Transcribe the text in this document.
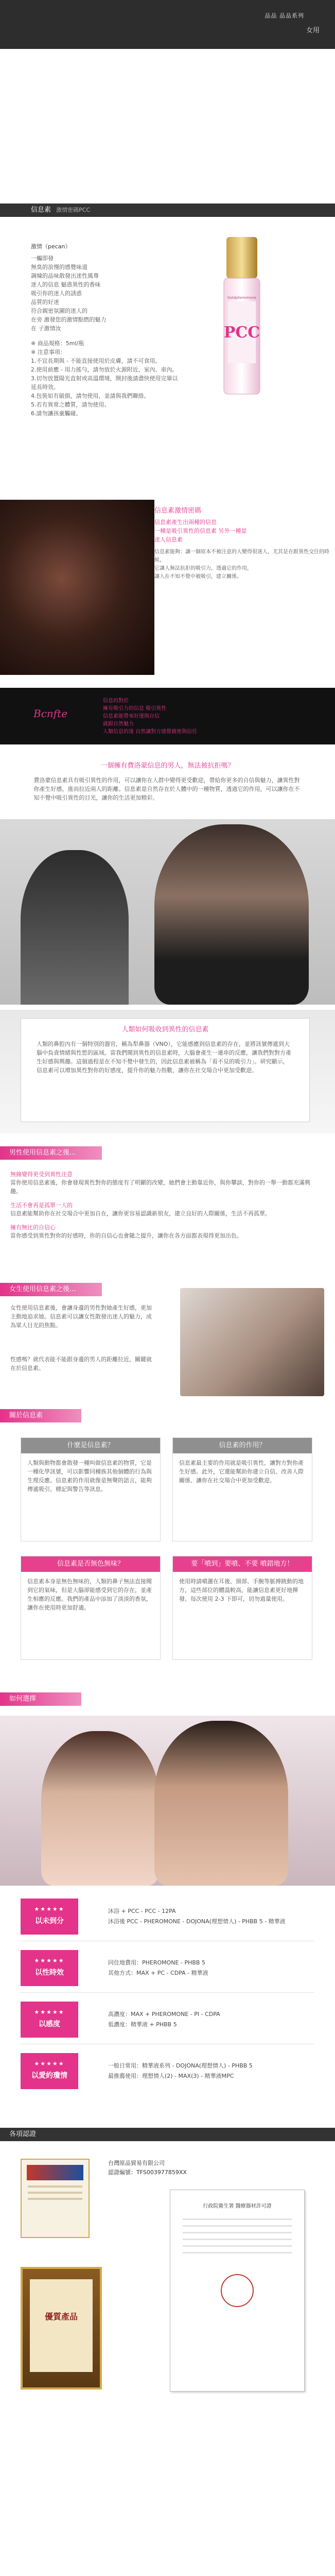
品品 品品系列
女用
信息素 激情密碼PCC
激情（pecan）
一觸即發
無臭的浪慢的感覺味道
調煉的品味散發出迷性風尊
迷人的信息 魅惑異性的香味
吸引你的迷人的誘惑
品質的好迷
符合親密氛圍的迷人的
在旁 激發您的激情點燃的魅力
在 子激情汝
※ 商品規格：5ml/瓶
※ 注意事項：
1.不宜長期與 - 不能直接使用於皮膚，請不可食用。
2.使用前應 - 用力搖勻，請勿放於火源附近、室內、車內。
3.切勿放置陽光直射或高溫環境，開封後請盡快使用完畢以延長時效。
4.包裝如有破損，請勿使用，並請與我們聯絡。
5.若有異常之體質，請勿使用。
6.請勿讓孩童觸碰。
Goldpheromone
PCC
信息素激情密碼
信息素產生出兩種的信息
一種是吸引異性的信息素 另外一種是
迷人信息素
信息素能夠：讓一個原本不被注意的人變得很迷人，尤其是在跟異性交往的時候，
它讓人無法抗拒的吸引力，透過它的作用，
讓人在不知不覺中被吸引，建立關係。
Bcnfte
信息的對於
擁有吸引力的信息 吸引異性
信息素能帶來好運與自信
就跟自然魅力
人類信息的迷 自然讓對方感覺親密與信任
一個擁有費洛蒙信息的男人，無法被抗拒嗎？
費洛蒙信息素具有吸引異性的作用，可以讓你在人群中變得更受歡迎，帶給你更多的自信與魅力，讓異性對你產生好感，進而拉近兩人的距離。信息素是自然存在於人體中的一種物質，透過它的作用，可以讓你在不知不覺中吸引異性的目光，讓你的生活更加精彩。
人類如何吸收到異性的信息素
人類的鼻腔內有一個特別的器官，稱為犁鼻器（VNO），它能感應到信息素的存在，並將訊號傳遞到大腦中負責情緒與性慾的區域。當我們聞到異性的信息素時，大腦會產生一連串的反應，讓我們對對方產生好感與興趣。這個過程是在不知不覺中發生的，因此信息素被稱為「看不見的吸引力」。研究顯示，信息素可以增加異性對你的好感度，提升你的魅力指數，讓你在社交場合中更加受歡迎。
男性使用信息素之後...
無線變得更受到異性注意
當你使用信息素後，你會發現異性對你的態度有了明顯的改變，她們會主動靠近你，與你攀談，對你的一舉一動都充滿興趣。
生活不會再是孤單一人的
信息素能幫助你在社交場合中更加自在，讓你更容易認識新朋友，建立良好的人際關係，生活不再孤單。
擁有無比的自信心
當你感受到異性對你的好感時，你的自信心也會隨之提升，讓你在各方面都表現得更加出色。
女生使用信息素之後...
女性使用信息素後，會讓身邊的男性對她產生好感，更加主動地追求她。信息素可以讓女性散發出迷人的魅力，成為眾人目光的焦點。
性感嗎？就代表能不能跟身邊的男人的距離拉近，關鍵就在於信息素。
關於信息素
什麼是信息素？
人類與動物都會散發一種叫做信息素的物質，它是一種化學訊號，可以影響同種族其他個體的行為與生理反應。信息素的作用就像是無聲的語言，能夠傳遞吸引、標記與警告等訊息。
信息素的作用？
信息素最主要的作用就是吸引異性，讓對方對你產生好感。此外，它還能幫助你建立自信、改善人際關係、讓你在社交場合中更加受歡迎。
信息素是否無色無味？
信息素本身是無色無味的，人類的鼻子無法直接聞到它的氣味，但是大腦卻能感受到它的存在，並產生相應的反應。我們的產品中添加了淡淡的香氛，讓你在使用時更加舒適。
要「噴到」要噴、不要 噴錯地方！
使用時請噴灑在耳後、頸部、手腕等脈搏跳動的地方，這些部位的體溫較高，能讓信息素更好地揮發。每次使用 2-3 下即可，切勿過量使用。
如何選擇
★★★★★
以未到分
沐浴 + PCC - PCC - 12PA
沐浴後 PCC - PHEROMONE - DOJONA(理想情人) - PHBB 5 - 精華液
★★★★★
以性時效
同住地費用：PHEROMONE - PHBB 5
其他方式：MAX + PC - CDPA - 精華液
★★★★★
以感度
高濃度：MAX + PHEROMONE - PI - CDPA
低濃度：精華液 + PHBB 5
★★★★★
以愛約瓊情
一般日常用：精華液系列 - DOJONA(理想情人) - PHBB 5
最推薦使用：理想情人(2) - MAX(3) - 精華液MPC
各項認證
台灣原品貿易有限公司
認證編號：TFS003977859XX
行政院衛生署 醫療器材許可證
優質產品
